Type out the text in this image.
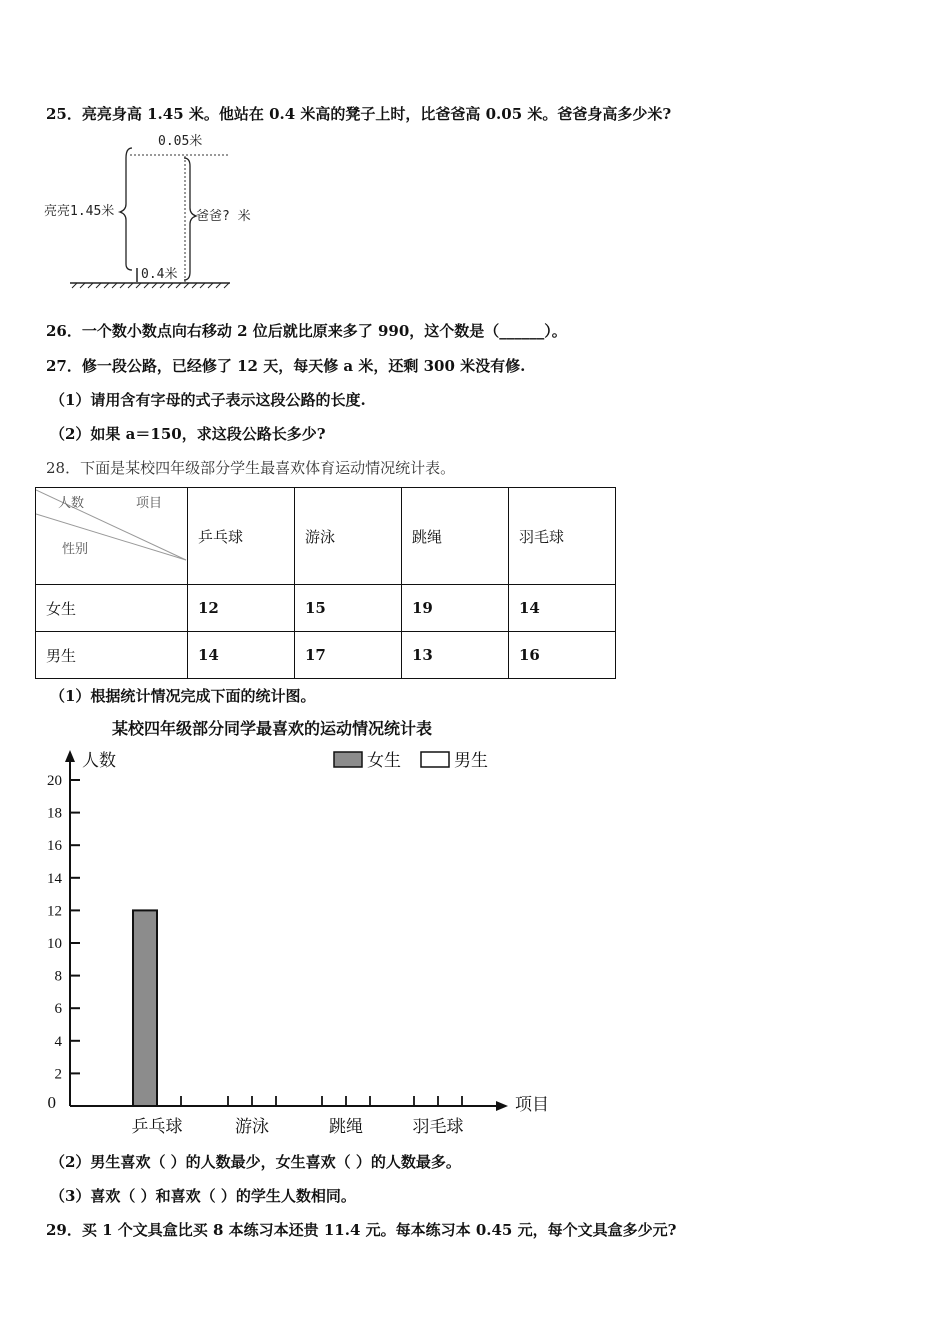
25．亮亮身高 1.45 米。他站在 0.4 米高的凳子上时，比爸爸高 0.05 米。爸爸身高多少米?
0.05米
亮亮1.45米
0.4米
爸爸? 米
26．一个数小数点向右移动 2 位后就比原来多了 990，这个数是（______）。
27．修一段公路，已经修了 12 天，每天修 a 米，还剩 300 米没有修.
（1）请用含有字母的式子表示这段公路的长度.
（2）如果 a＝150，求这段公路长多少?
28．下面是某校四年级部分学生最喜欢体育运动情况统计表。
人数 项目
性别	乒乓球	游泳	跳绳	羽毛球
女生	12	15	19	14
男生	14	17	13	16
（1）根据统计情况完成下面的统计图。
某校四年级部分同学最喜欢的运动情况统计表
女生	男生
人数
项目
0
2
4
6
8
10
12
14
16
18
20
乒乓球	游泳	跳绳	羽毛球
（2）男生喜欢（ ）的人数最少，女生喜欢（ ）的人数最多。
（3）喜欢（ ）和喜欢（ ）的学生人数相同。
29．买 1 个文具盒比买 8 本练习本还贵 11.4 元。每本练习本 0.45 元，每个文具盒多少元?
